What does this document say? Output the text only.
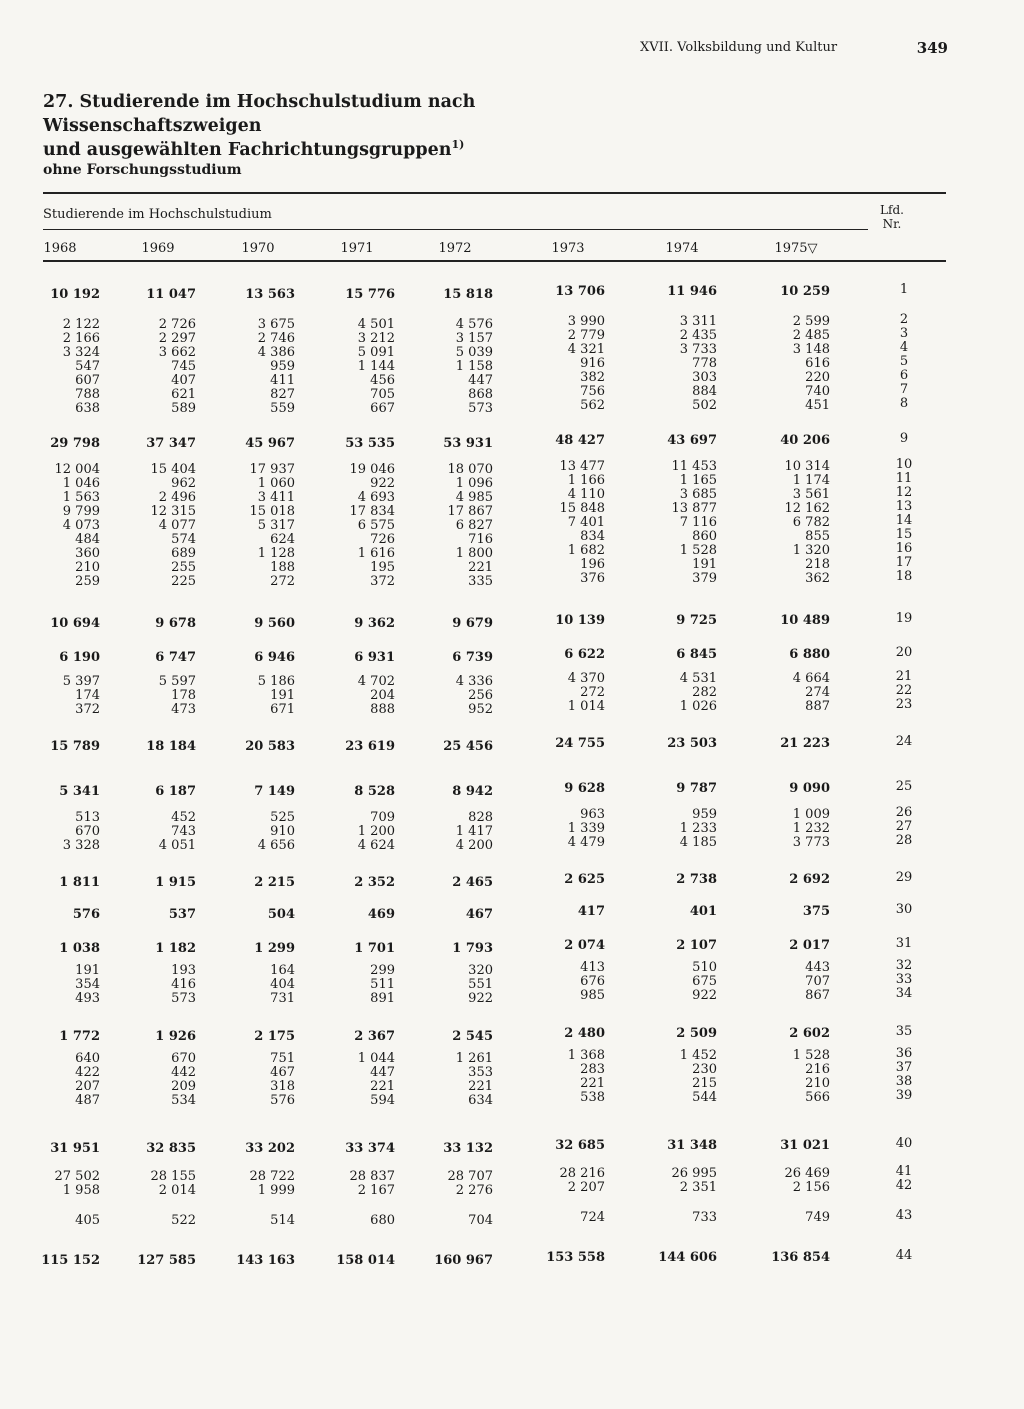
XVII. Volksbildung und Kultur	349
27. Studierende im Hochschulstudium nach Wissenschaftszweigen
und ausgewählten Fachrichtungsgruppen$^{1)}$
ohne Forschungsstudium
Studierende im Hochschulstudium	Lfd.
Nr.
1968	1969	1970	1971	1972	1973	1974	1975▽
10 192	11 047	13 563	15 776	15 818	13 706	11 946	10 259	1
2 122	2 726	3 675	4 501	4 576	3 990	3 311	2 599	2
2 166	2 297	2 746	3 212	3 157	2 779	2 435	2 485	3
3 324	3 662	4 386	5 091	5 039	4 321	3 733	3 148	4
547	745	959	1 144	1 158	916	778	616	5
607	407	411	456	447	382	303	220	6
788	621	827	705	868	756	884	740	7
638	589	559	667	573	562	502	451	8
29 798	37 347	45 967	53 535	53 931	48 427	43 697	40 206	9
12 004	15 404	17 937	19 046	18 070	13 477	11 453	10 314	10
1 046	962	1 060	922	1 096	1 166	1 165	1 174	11
1 563	2 496	3 411	4 693	4 985	4 110	3 685	3 561	12
9 799	12 315	15 018	17 834	17 867	15 848	13 877	12 162	13
4 073	4 077	5 317	6 575	6 827	7 401	7 116	6 782	14
484	574	624	726	716	834	860	855	15
360	689	1 128	1 616	1 800	1 682	1 528	1 320	16
210	255	188	195	221	196	191	218	17
259	225	272	372	335	376	379	362	18
10 694	9 678	9 560	9 362	9 679	10 139	9 725	10 489	19
6 190	6 747	6 946	6 931	6 739	6 622	6 845	6 880	20
5 397	5 597	5 186	4 702	4 336	4 370	4 531	4 664	21
174	178	191	204	256	272	282	274	22
372	473	671	888	952	1 014	1 026	887	23
15 789	18 184	20 583	23 619	25 456	24 755	23 503	21 223	24
5 341	6 187	7 149	8 528	8 942	9 628	9 787	9 090	25
513	452	525	709	828	963	959	1 009	26
670	743	910	1 200	1 417	1 339	1 233	1 232	27
3 328	4 051	4 656	4 624	4 200	4 479	4 185	3 773	28
1 811	1 915	2 215	2 352	2 465	2 625	2 738	2 692	29
576	537	504	469	467	417	401	375	30
1 038	1 182	1 299	1 701	1 793	2 074	2 107	2 017	31
191	193	164	299	320	413	510	443	32
354	416	404	511	551	676	675	707	33
493	573	731	891	922	985	922	867	34
1 772	1 926	2 175	2 367	2 545	2 480	2 509	2 602	35
640	670	751	1 044	1 261	1 368	1 452	1 528	36
422	442	467	447	353	283	230	216	37
207	209	318	221	221	221	215	210	38
487	534	576	594	634	538	544	566	39
31 951	32 835	33 202	33 374	33 132	32 685	31 348	31 021	40
27 502	28 155	28 722	28 837	28 707	28 216	26 995	26 469	41
1 958	2 014	1 999	2 167	2 276	2 207	2 351	2 156	42
405	522	514	680	704	724	733	749	43
115 152	127 585	143 163	158 014	160 967	153 558	144 606	136 854	44
